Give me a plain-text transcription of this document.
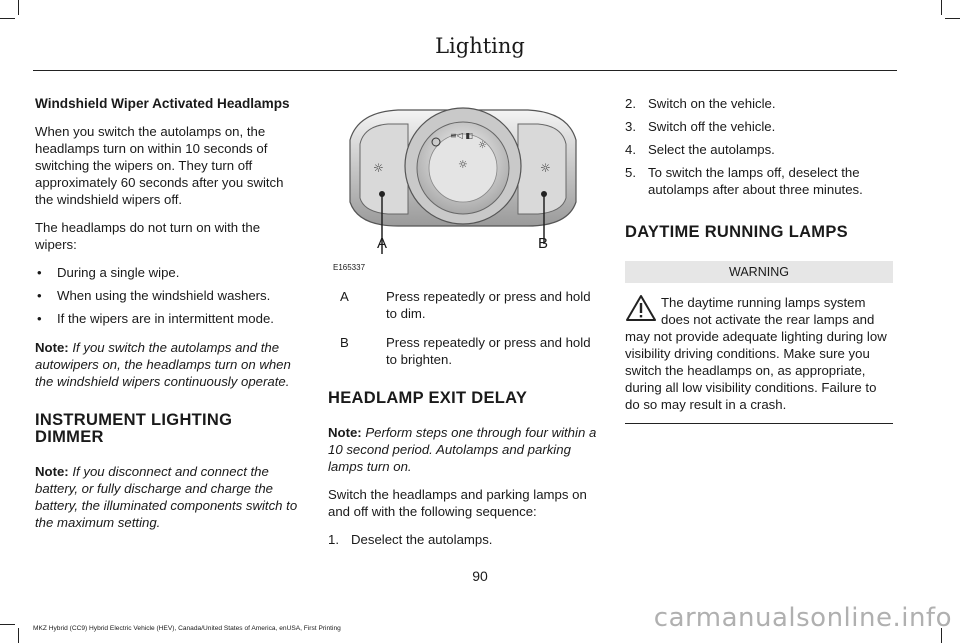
Lighting
Windshield Wiper Activated Headlamps

When you switch the autolamps on, the headlamps turn on within 10 seconds of switching the wipers on. They turn off approximately 60 seconds after you switch the windshield wipers off.

The headlamps do not turn on with the wipers:

• During a single wipe.
• When using the windshield washers.
• If the wipers are in intermittent mode.

Note: If you switch the autolamps and the autowipers on, the headlamps turn on when the windshield wipers continuously operate.

INSTRUMENT LIGHTING DIMMER

Note: If you disconnect and connect the battery, or fully discharge and charge the battery, the illuminated components switch to the maximum setting.

≡◁ ◧
☼
☼
☼	☼
A	B
E165337
A	Press repeatedly or press and hold to dim.
B	Press repeatedly or press and hold to brighten.
HEADLAMP EXIT DELAY

Note: Perform steps one through four within a 10 second period. Autolamps and parking lamps turn on.

Switch the headlamps and parking lamps on and off with the following sequence:

1. Deselect the autolamps.
2. Switch on the vehicle.
3. Switch off the vehicle.
4. Select the autolamps.
5. To switch the lamps off, deselect the autolamps after about three minutes.
DAYTIME RUNNING LAMPS
WARNING
The daytime running lamps system does not activate the rear lamps and may not provide adequate lighting during low visibility driving conditions. Make sure you switch the headlamps on, as appropriate, during all low visibility conditions. Failure to do so may result in a crash.
90
MKZ Hybrid (CC9) Hybrid Electric Vehicle (HEV), Canada/United States of America, enUSA, First Printing	carmanualsonline.info
